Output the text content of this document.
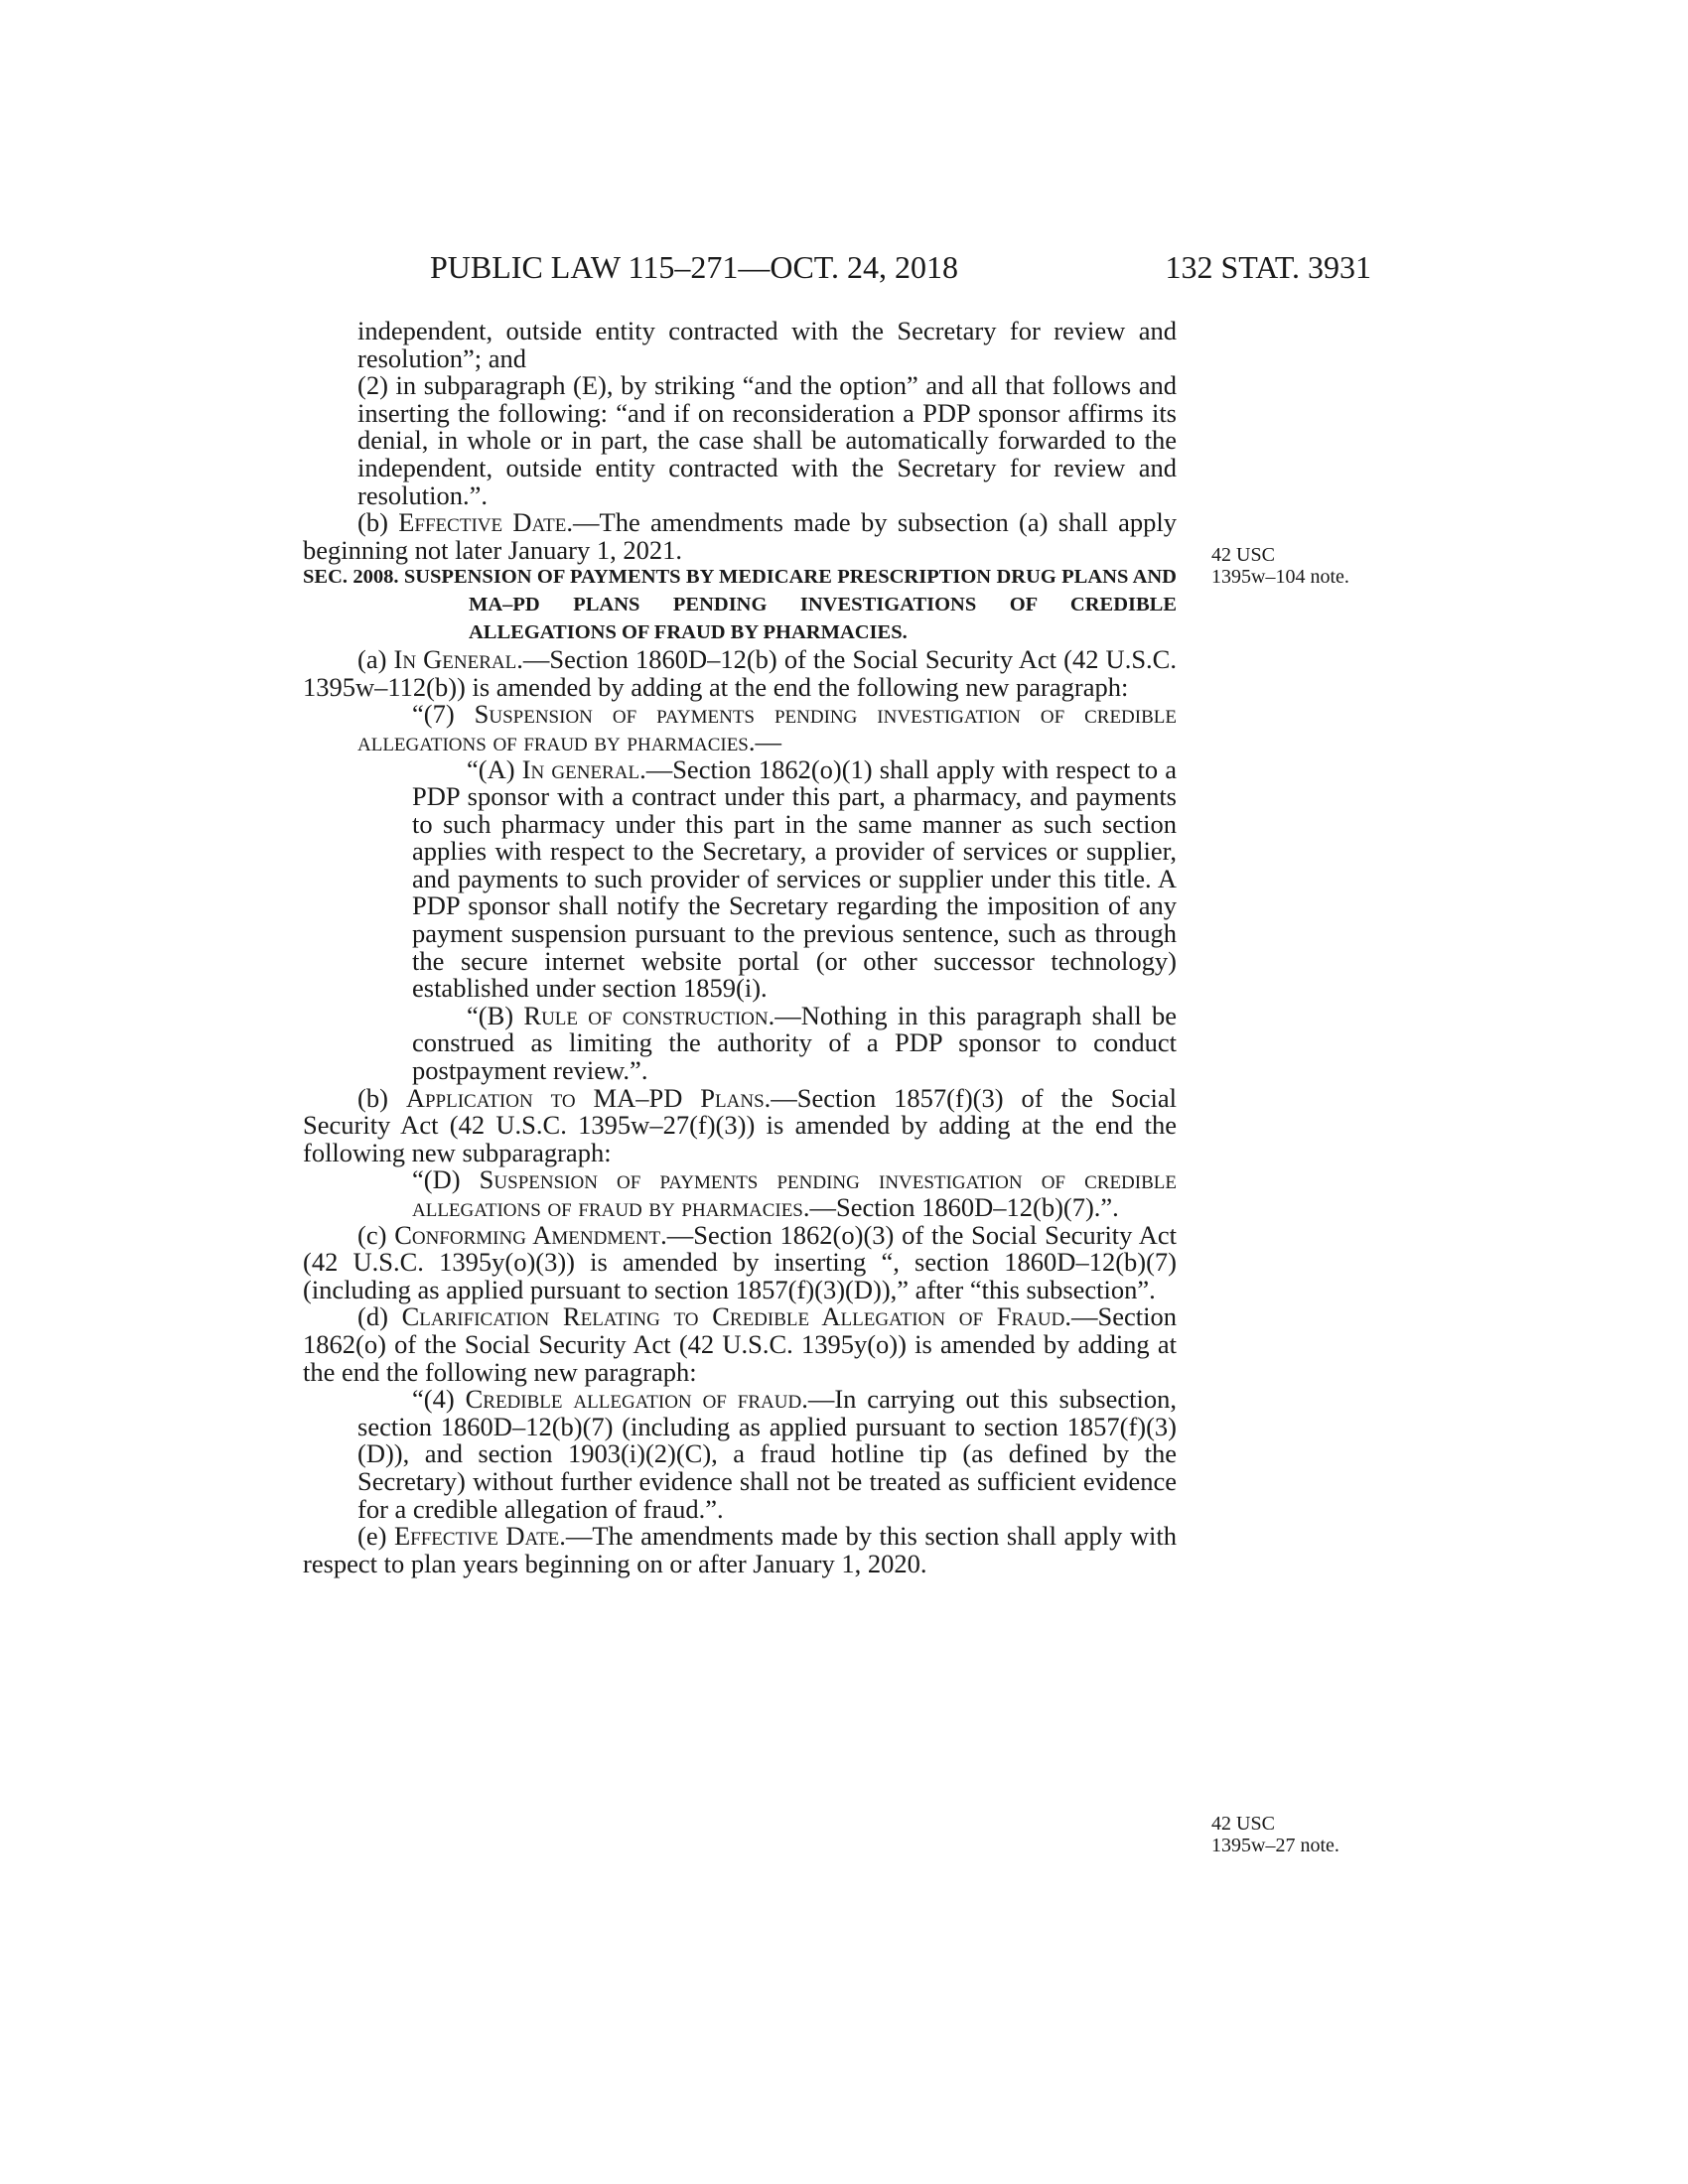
PUBLIC LAW 115–271—OCT. 24, 2018	132 STAT. 3931

independent, outside entity contracted with the Secretary for review and resolution”; and

(2) in subparagraph (E), by striking “and the option” and all that follows and inserting the following: “and if on reconsideration a PDP sponsor affirms its denial, in whole or in part, the case shall be automatically forwarded to the independent, outside entity contracted with the Secretary for review and resolution.”.

(b) Effective Date.—The amendments made by subsection (a) shall apply beginning not later January 1, 2021.

SEC. 2008. SUSPENSION OF PAYMENTS BY MEDICARE PRESCRIPTION DRUG PLANS AND MA–PD PLANS PENDING INVESTIGATIONS OF CREDIBLE ALLEGATIONS OF FRAUD BY PHARMACIES.

(a) In General.—Section 1860D–12(b) of the Social Security Act (42 U.S.C. 1395w–112(b)) is amended by adding at the end the following new paragraph:

“(7) Suspension of payments pending investigation of credible allegations of fraud by pharmacies.—

“(A) In general.—Section 1862(o)(1) shall apply with respect to a PDP sponsor with a contract under this part, a pharmacy, and payments to such pharmacy under this part in the same manner as such section applies with respect to the Secretary, a provider of services or supplier, and payments to such provider of services or supplier under this title. A PDP sponsor shall notify the Secretary regarding the imposition of any payment suspension pursuant to the previous sentence, such as through the secure internet website portal (or other successor technology) established under section 1859(i).

“(B) Rule of construction.—Nothing in this paragraph shall be construed as limiting the authority of a PDP sponsor to conduct postpayment review.”.

(b) Application to MA–PD Plans.—Section 1857(f)(3) of the Social Security Act (42 U.S.C. 1395w–27(f)(3)) is amended by adding at the end the following new subparagraph:

“(D) Suspension of payments pending investigation of credible allegations of fraud by pharmacies.—Section 1860D–12(b)(7).”.

(c) Conforming Amendment.—Section 1862(o)(3) of the Social Security Act (42 U.S.C. 1395y(o)(3)) is amended by inserting “, section 1860D–12(b)(7) (including as applied pursuant to section 1857(f)(3)(D)),” after “this subsection”.

(d) Clarification Relating to Credible Allegation of Fraud.—Section 1862(o) of the Social Security Act (42 U.S.C. 1395y(o)) is amended by adding at the end the following new paragraph:

“(4) Credible allegation of fraud.—In carrying out this subsection, section 1860D–12(b)(7) (including as applied pursuant to section 1857(f)(3)(D)), and section 1903(i)(2)(C), a fraud hotline tip (as defined by the Secretary) without further evidence shall not be treated as sufficient evidence for a credible allegation of fraud.”.

(e) Effective Date.—The amendments made by this section shall apply with respect to plan years beginning on or after January 1, 2020.

42 USC
1395w–104 note.
42 USC
1395w–27 note.
